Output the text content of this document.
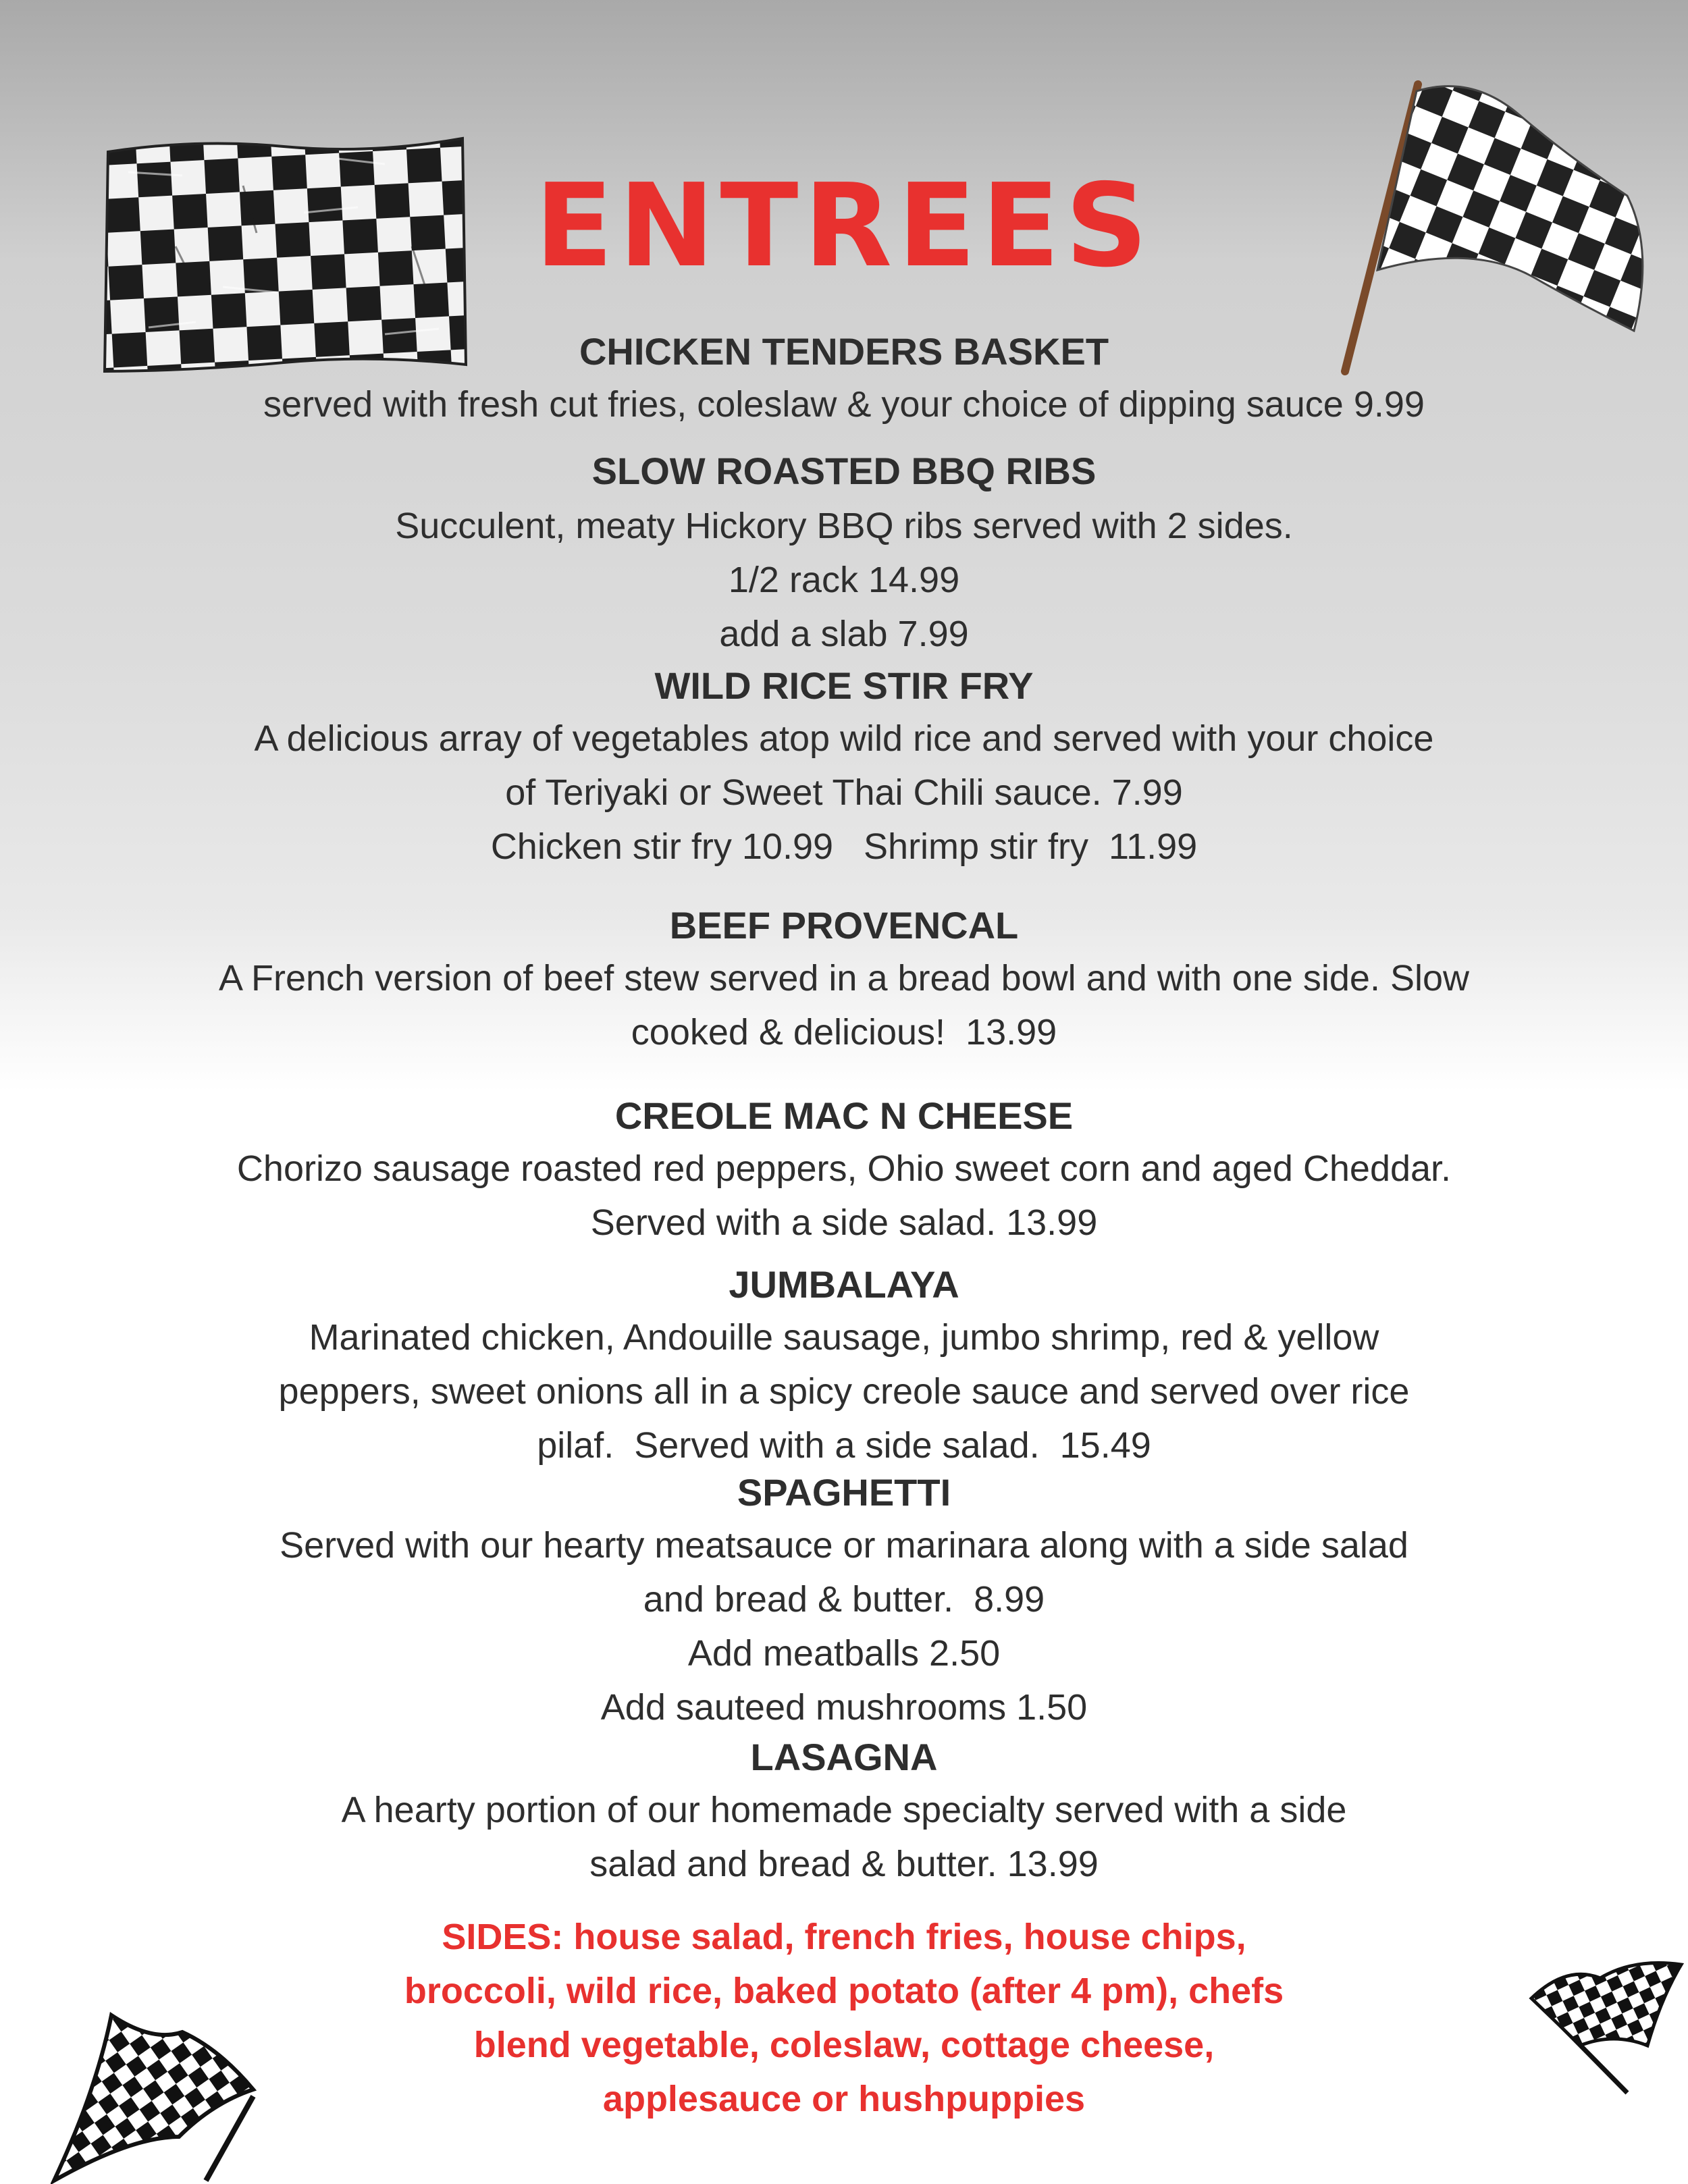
ENTREES
CHICKEN TENDERS BASKET
served with fresh cut fries, coleslaw & your choice of dipping sauce 9.99
SLOW ROASTED BBQ RIBS
Succulent, meaty Hickory BBQ ribs served with 2 sides.
1/2 rack 14.99
add a slab 7.99
WILD RICE STIR FRY
A delicious array of vegetables atop wild rice and served with your choice
of Teriyaki or Sweet Thai Chili sauce. 7.99
Chicken stir fry 10.99   Shrimp stir fry  11.99
BEEF PROVENCAL
A French version of beef stew served in a bread bowl and with one side. Slow
cooked & delicious!  13.99
CREOLE MAC N CHEESE
Chorizo sausage roasted red peppers, Ohio sweet corn and aged Cheddar.
Served with a side salad. 13.99
JUMBALAYA
Marinated chicken, Andouille sausage, jumbo shrimp, red & yellow
peppers, sweet onions all in a spicy creole sauce and served over rice
pilaf.  Served with a side salad.  15.49
SPAGHETTI
Served with our hearty meatsauce or marinara along with a side salad
and bread & butter.  8.99
Add meatballs 2.50
Add sauteed mushrooms 1.50
LASAGNA
A hearty portion of our homemade specialty served with a side
salad and bread & butter. 13.99
SIDES: house salad, french fries, house chips,
broccoli, wild rice, baked potato (after 4 pm), chefs
blend vegetable, coleslaw, cottage cheese,
applesauce or hushpuppies
